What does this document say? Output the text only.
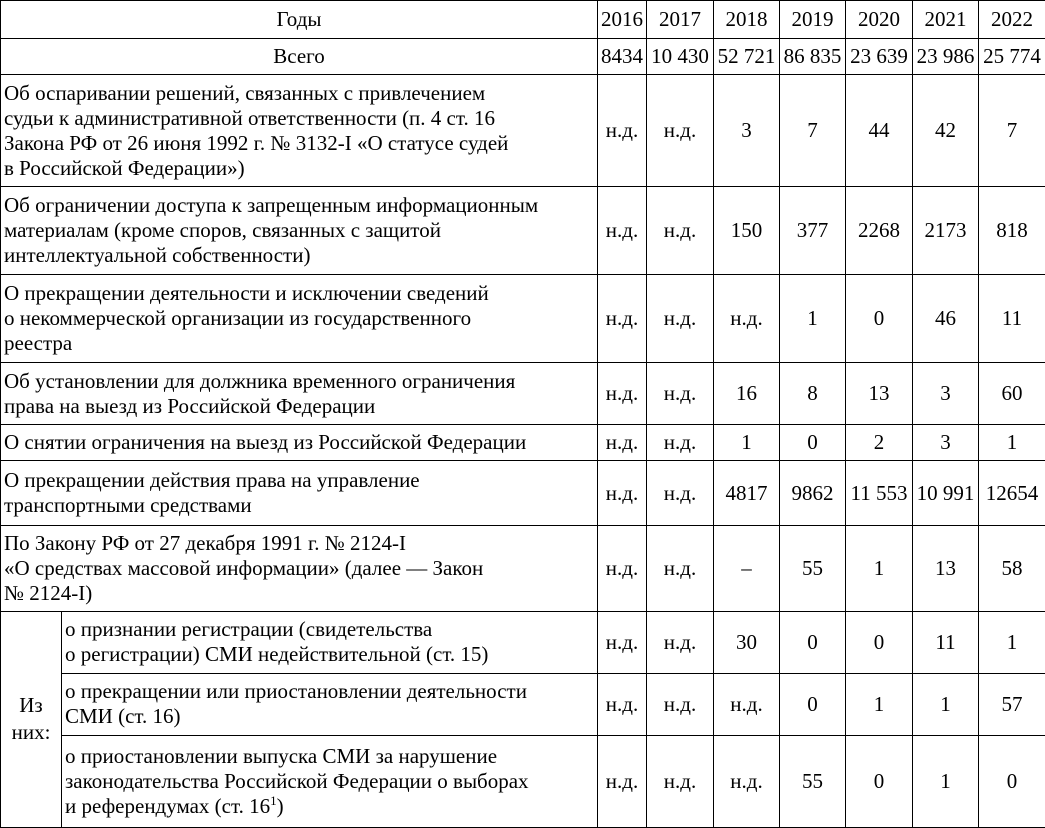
Годы		2016	2017	2018	2019	2020	2021	2022
Всего		8434	10 430	52 721	86 835	23 639	23 986	25 774
Об оспаривании решений, связанных с привлечением
судьи к административной ответственности (п. 4 ст. 16
Закона РФ от 26 июня 1992 г. № 3132-I «О статусе судей
в Российской Федерации»)		н.д.	н.д.	3	7	44	42	7
Об ограничении доступа к запрещенным информационным
материалам (кроме споров, связанных с защитой
интеллектуальной собственности)		н.д.	н.д.	150	377	2268	2173	818
О прекращении деятельности и исключении сведений
о некоммерческой организации из государственного
реестра		н.д.	н.д.	н.д.	1	0	46	11
Об установлении для должника временного ограничения
права на выезд из Российской Федерации		н.д.	н.д.	16	8	13	3	60
О снятии ограничения на выезд из Российской Федерации		н.д.	н.д.	1	0	2	3	1
О прекращении действия права на управление
транспортными средствами		н.д.	н.д.	4817	9862	11 553	10 991	12654
По Закону РФ от 27 декабря 1991 г. № 2124-I
«О средствах массовой информации» (далее — Закон
№ 2124-I)		н.д.	н.д.	–	55	1	13	58
Из
них:	о признании регистрации (свидетельства
о регистрации) СМИ недействительной (ст. 15)	н.д.	н.д.	30	0	0	11	1
	о прекращении или приостановлении деятельности
СМИ (ст. 16)	н.д.	н.д.	н.д.	0	1	1	57
	о приостановлении выпуска СМИ за нарушение
законодательства Российской Федерации о выборах
и референдумах (ст. $16^1$)	н.д.	н.д.	н.д.	55	0	1	0
